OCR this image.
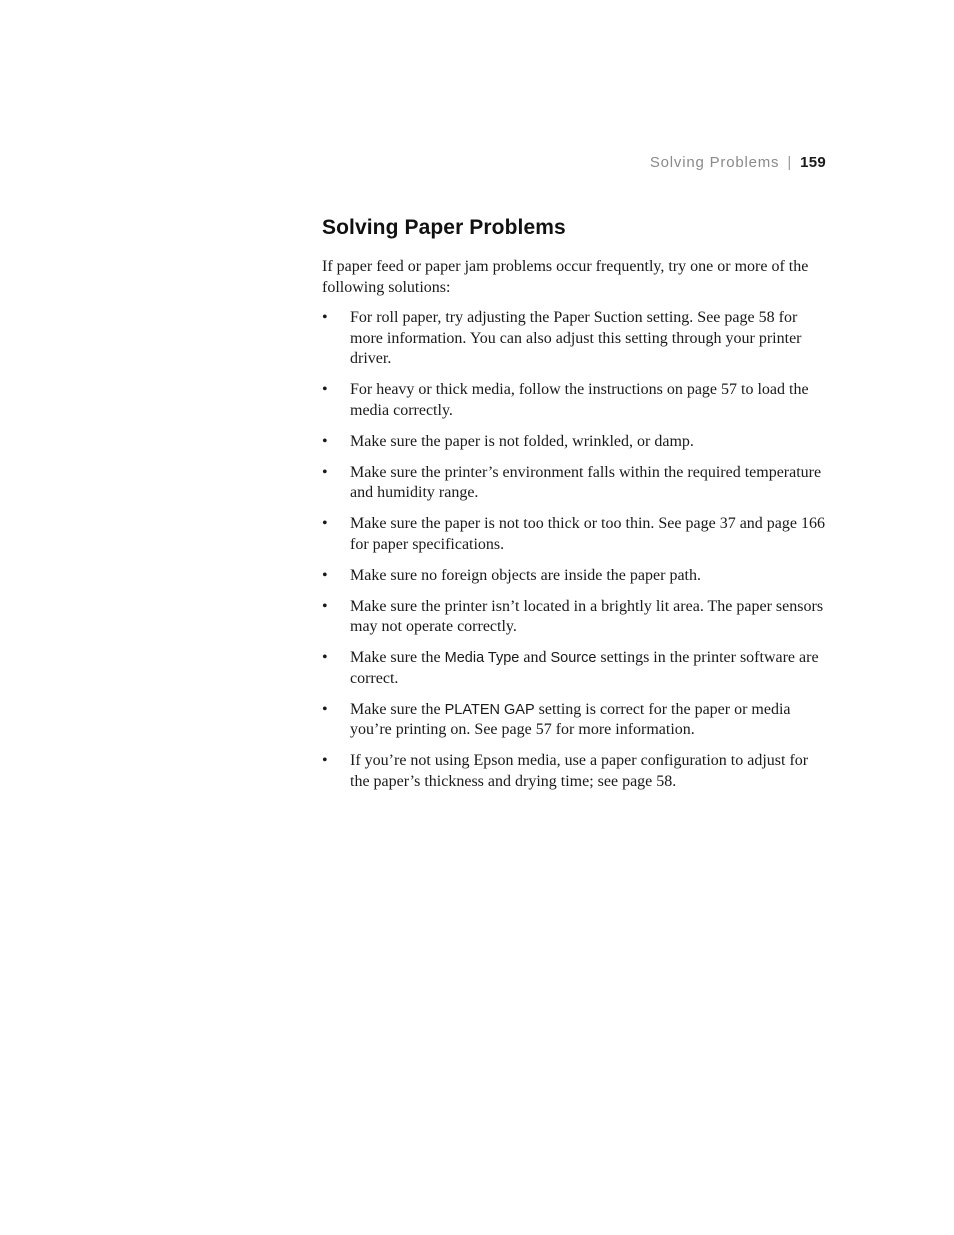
Solving Problems | 159
Solving Paper Problems

If paper feed or paper jam problems occur frequently, try one or more of the following solutions:

• For roll paper, try adjusting the Paper Suction setting. See page 58 for more information. You can also adjust this setting through your printer driver.
• For heavy or thick media, follow the instructions on page 57 to load the media correctly.
• Make sure the paper is not folded, wrinkled, or damp.
• Make sure the printer’s environment falls within the required temperature and humidity range.
• Make sure the paper is not too thick or too thin. See page 37 and page 166 for paper specifications.
• Make sure no foreign objects are inside the paper path.
• Make sure the printer isn’t located in a brightly lit area. The paper sensors may not operate correctly.
• Make sure the Media Type and Source settings in the printer software are correct.
• Make sure the PLATEN GAP setting is correct for the paper or media you’re printing on. See page 57 for more information.
• If you’re not using Epson media, use a paper configuration to adjust for the paper’s thickness and drying time; see page 58.
